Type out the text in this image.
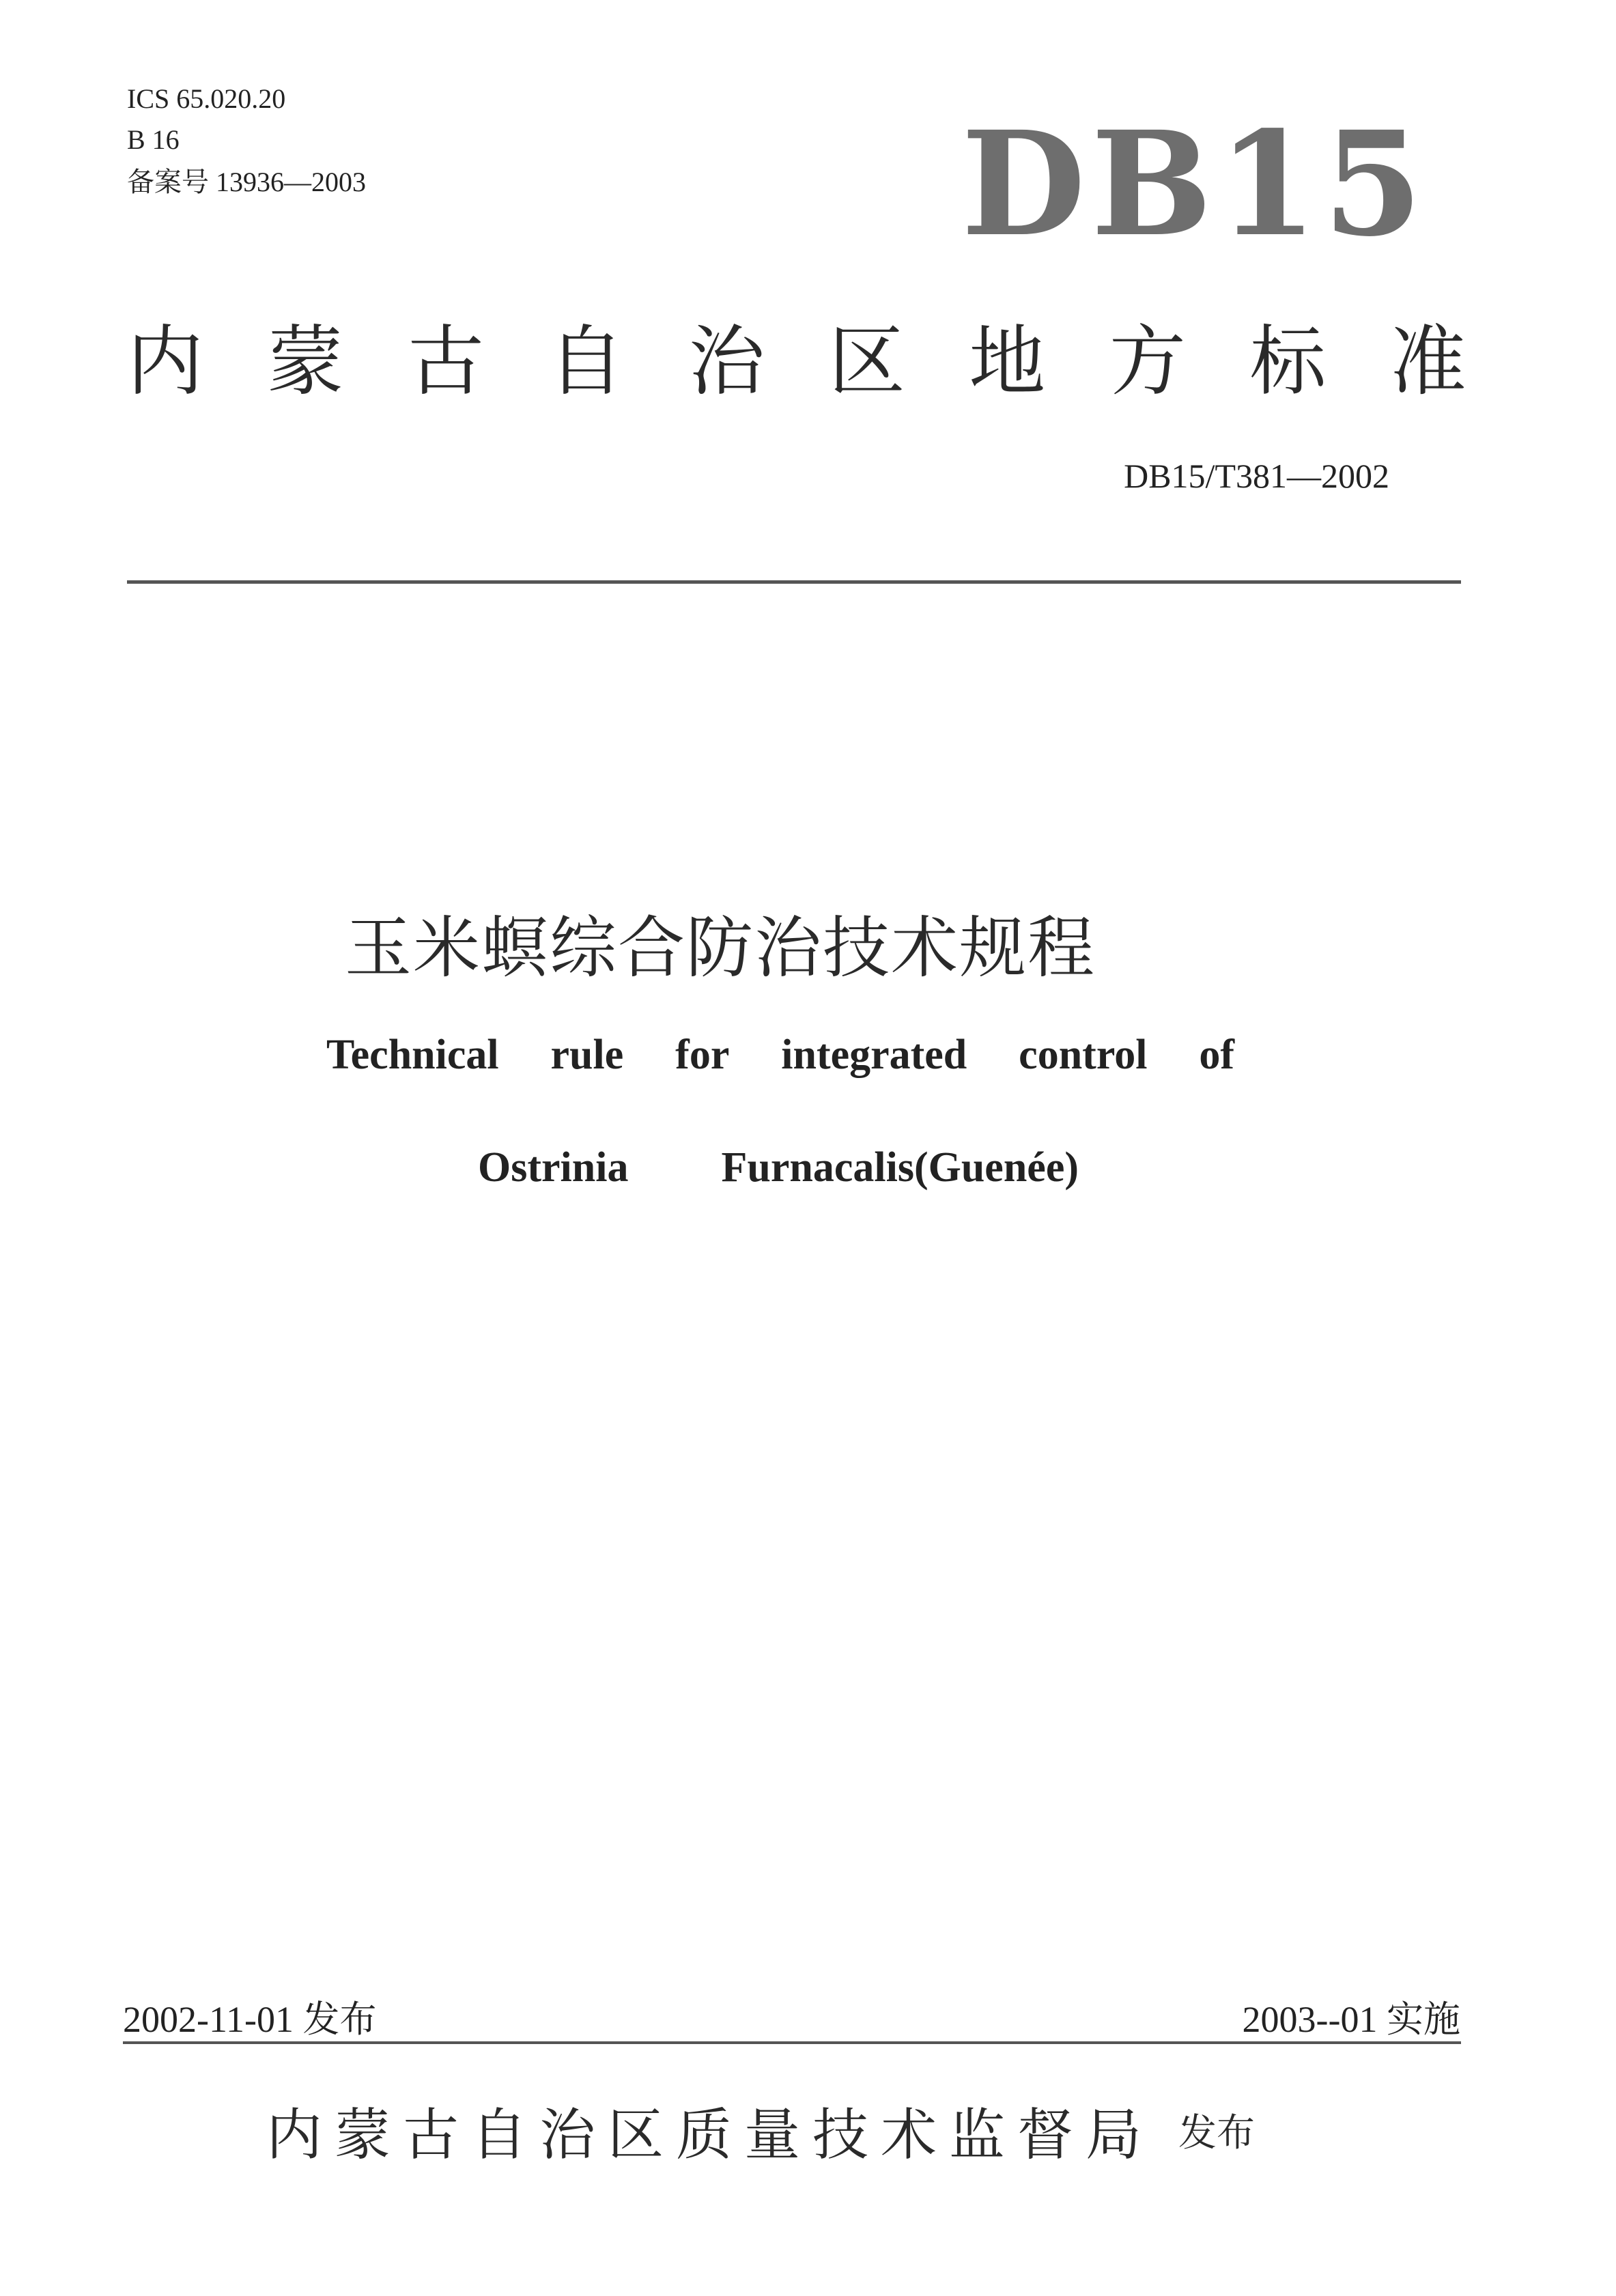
ICS 65.020.20
B 16
备案号 13936—2003	DB15
内 蒙 古 自 治 区 地 方 标 准
DB15/T381—2002
玉米螟综合防治技术规程
Technical rule for integrated control of
Ostrinia Furnacalis(Guenée)
2002-11-01 发布	2003--01 实施
内蒙古自治区质量技术监督局 发布
